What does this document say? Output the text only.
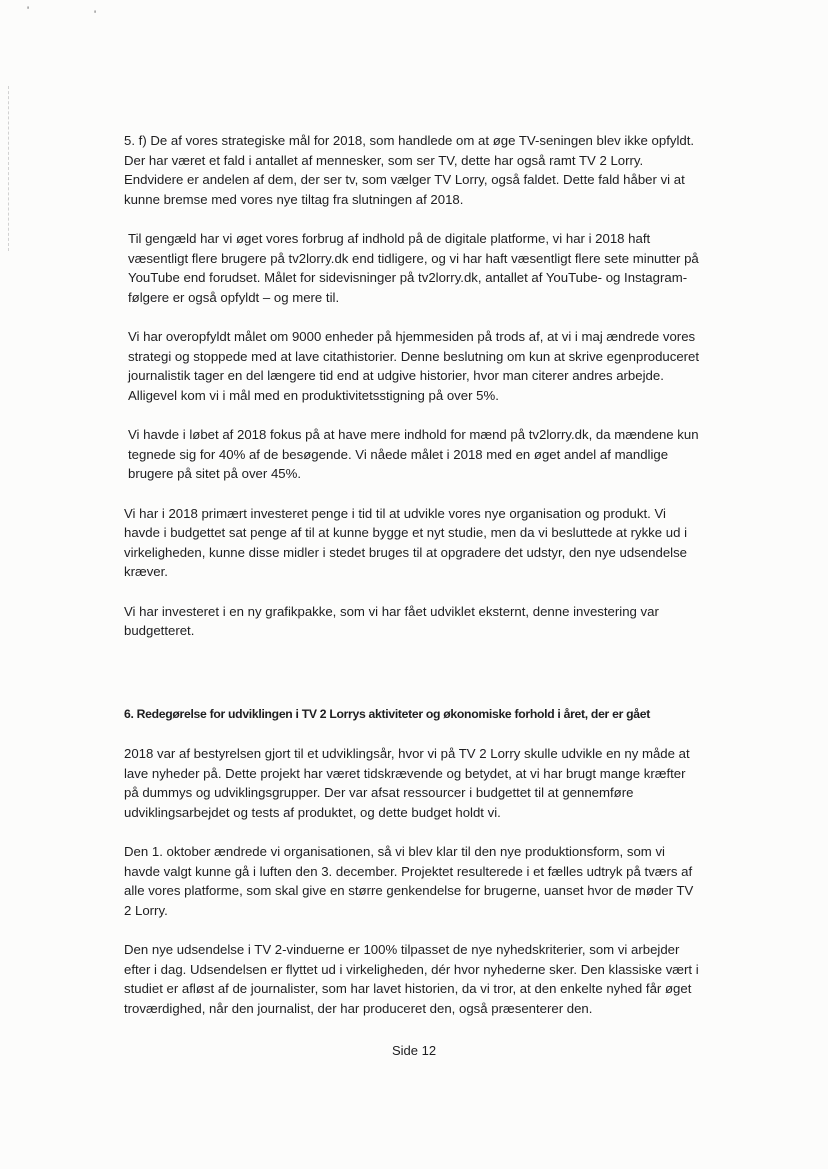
'	'

5. f) De af vores strategiske mål for 2018, som handlede om at øge TV-seningen blev ikke opfyldt. Der har været et fald i antallet af mennesker, som ser TV, dette har også ramt TV 2 Lorry. Endvidere er andelen af dem, der ser tv, som vælger TV Lorry, også faldet. Dette fald håber vi at kunne bremse med vores nye tiltag fra slutningen af 2018.

Til gengæld har vi øget vores forbrug af indhold på de digitale platforme, vi har i 2018 haft væsentligt flere brugere på tv2lorry.dk end tidligere, og vi har haft væsentligt flere sete minutter på YouTube end forudset. Målet for sidevisninger på tv2lorry.dk, antallet af YouTube- og Instagram-følgere er også opfyldt – og mere til.

Vi har overopfyldt målet om 9000 enheder på hjemmesiden på trods af, at vi i maj ændrede vores strategi og stoppede med at lave citathistorier. Denne beslutning om kun at skrive egenproduceret journalistik tager en del længere tid end at udgive historier, hvor man citerer andres arbejde. Alligevel kom vi i mål med en produktivitetsstigning på over 5%.

Vi havde i løbet af 2018 fokus på at have mere indhold for mænd på tv2lorry.dk, da mændene kun tegnede sig for 40% af de besøgende. Vi nåede målet i 2018 med en øget andel af mandlige brugere på sitet på over 45%.

Vi har i 2018 primært investeret penge i tid til at udvikle vores nye organisation og produkt. Vi havde i budgettet sat penge af til at kunne bygge et nyt studie, men da vi besluttede at rykke ud i virkeligheden, kunne disse midler i stedet bruges til at opgradere det udstyr, den nye udsendelse kræver.

Vi har investeret i en ny grafikpakke, som vi har fået udviklet eksternt, denne investering var budgetteret.

6. Redegørelse for udviklingen i TV 2 Lorrys aktiviteter og økonomiske forhold i året, der er gået

2018 var af bestyrelsen gjort til et udviklingsår, hvor vi på TV 2 Lorry skulle udvikle en ny måde at lave nyheder på. Dette projekt har været tidskrævende og betydet, at vi har brugt mange kræfter på dummys og udviklingsgrupper. Der var afsat ressourcer i budgettet til at gennemføre udviklingsarbejdet og tests af produktet, og dette budget holdt vi.

Den 1. oktober ændrede vi organisationen, så vi blev klar til den nye produktionsform, som vi havde valgt kunne gå i luften den 3. december. Projektet resulterede i et fælles udtryk på tværs af alle vores platforme, som skal give en større genkendelse for brugerne, uanset hvor de møder TV 2 Lorry.

Den nye udsendelse i TV 2-vinduerne er 100% tilpasset de nye nyhedskriterier, som vi arbejder efter i dag. Udsendelsen er flyttet ud i virkeligheden, dér hvor nyhederne sker. Den klassiske vært i studiet er afløst af de journalister, som har lavet historien, da vi tror, at den enkelte nyhed får øget troværdighed, når den journalist, der har produceret den, også præsenterer den.

Side 12
